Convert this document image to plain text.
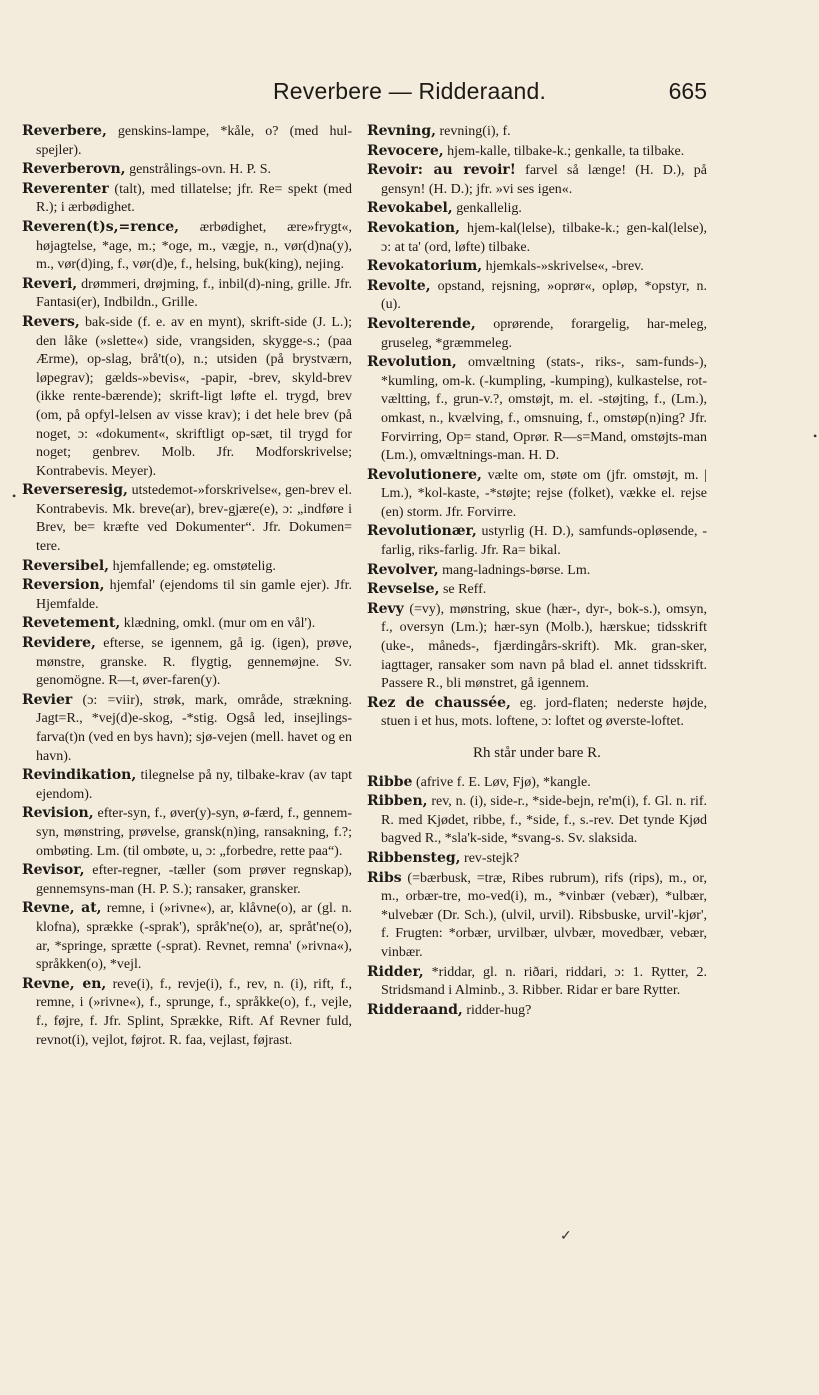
Reverbere — Ridderaand.	665

Reverbere, genskins-lampe, *kåle, o? (med hul-spejler).

Reverberovn, genstrålings-ovn. H. P. S.

Reverenter (talt), med tillatelse; jfr. Re= spekt (med R.); i ærbødighet.

Reveren(t)s,=rence, ærbødighet, ære»frygt«, højagtelse, *age, m.; *oge, m., vægje, n., vør(d)na(y), m., vør(d)ing, f., vør(d)e, f., helsing, buk(king), nejing.

Reveri, drømmeri, drøjming, f., inbil(d)-ning, grille. Jfr. Fantasi(er), Indbildn., Grille.

Revers, bak-side (f. e. av en mynt), skrift-side (J. L.); den låke (»slette«) side, vrangsiden, skygge-s.; (paa Ærme), op-slag, brå't(o), n.; utsiden (på brystværn, løpegrav); gælds-»bevis«, -papir, -brev, skyld-brev (ikke rente-bærende); skrift-ligt løfte el. trygd, brev (om, på opfyl-lelsen av visse krav); i det hele brev (på noget, ɔ: «dokument«, skriftligt op-sæt, til trygd for noget; genbrev. Molb. Jfr. Modforskrivelse; Kontrabevis. Meyer).

Reverseresig, utstedemot-»forskrivelse«, gen-brev el. Kontrabevis. Mk. breve(ar), brev-gjære(e), ɔ: „indføre i Brev, be= kræfte ved Dokumenter“. Jfr. Dokumen= tere.

Reversibel, hjemfallende; eg. omstøtelig.

Reversion, hjemfal' (ejendoms til sin gamle ejer). Jfr. Hjemfalde.

Revetement, klædning, omkl. (mur om en vål').

Revidere, efterse, se igennem, gå ig. (igen), prøve, mønstre, granske. R. flygtig, gennemøjne. Sv. genomögne. R—t, øver-faren(y).

Revier (ɔ: =viir), strøk, mark, område, strækning. Jagt=R., *vej(d)e-skog, -*stig. Også led, insejlings-farva(t)n (ved en bys havn); sjø-vejen (mell. havet og en havn).

Revindikation, tilegnelse på ny, tilbake-krav (av tapt ejendom).

Revision, efter-syn, f., øver(y)-syn, ø-færd, f., gennem-syn, mønstring, prøvelse, gransk(n)ing, ransakning, f.?; ombøting. Lm. (til ombøte, u, ɔ: „forbedre, rette paa“).

Revisor, efter-regner, -tæller (som prøver regnskap), gennemsyns-man (H. P. S.); ransaker, gransker.

Revne, at, remne, i (»rivne«), ar, klåvne(o), ar (gl. n. klofna), sprække (-sprak'), språk'ne(o), ar, språt'ne(o), ar, *springe, sprætte (-sprat). Revnet, remna' (»rivna«), språkken(o), *vejl.

Revne, en, reve(i), f., revje(i), f., rev, n. (i), rift, f., remne, i (»rivne«), f., sprunge, f., språkke(o), f., vejle, f., føjre, f. Jfr. Splint, Sprække, Rift. Af Revner fuld, revnot(i), vejlot, føjrot. R. faa, vejlast, føjrast.

Revning, revning(i), f.

Revocere, hjem-kalle, tilbake-k.; genkalle, ta tilbake.

Revoir: au revoir! farvel så længe! (H. D.), på gensyn! (H. D.); jfr. »vi ses igen«.

Revokabel, genkallelig.

Revokation, hjem-kal(lelse), tilbake-k.; gen-kal(lelse), ɔ: at ta' (ord, løfte) tilbake.

Revokatorium, hjemkals-»skrivelse«, -brev.

Revolte, opstand, rejsning, »oprør«, opløp, *opstyr, n. (u).

Revolterende, oprørende, forargelig, har-meleg, gruseleg, *græmmeleg.

Revolution, omvæltning (stats-, riks-, sam-funds-), *kumling, om-k. (-kumpling, -kumping), kulkastelse, rot-væltting, f., grun-v.?, omstøjt, m. el. -støjting, f., (Lm.), omkast, n., kvælving, f., omsnuing, f., omstøp(n)ing? Jfr. Forvirring, Op= stand, Oprør. R—s=Mand, omstøjts-man (Lm.), omvæltnings-man. H. D.

Revolutionere, vælte om, støte om (jfr. omstøjt, m. | Lm.), *kol-kaste, -*støjte; rejse (folket), vække el. rejse (en) storm. Jfr. Forvirre.

Revolutionær, ustyrlig (H. D.), samfunds-opløsende, -farlig, riks-farlig. Jfr. Ra= bikal.

Revolver, mang-ladnings-børse. Lm.

Revselse, se Reff.

Revy (=vy), mønstring, skue (hær-, dyr-, bok-s.), omsyn, f., oversyn (Lm.); hær-syn (Molb.), hærskue; tidsskrift (uke-, måneds-, fjærdingårs-skrift). Mk. gran-sker, iagttager, ransaker som navn på blad el. annet tidsskrift. Passere R., bli mønstret, gå igennem.

Rez de chaussée, eg. jord-flaten; nederste højde, stuen i et hus, mots. loftene, ɔ: loftet og øverste-loftet.

Rh står under bare R.

Ribbe (afrive f. E. Løv, Fjø), *kangle.

Ribben, rev, n. (i), side-r., *side-bejn, re'm(i), f. Gl. n. rif. R. med Kjødet, ribbe, f., *side, f., s.-rev. Det tynde Kjød bagved R., *sla'k-side, *svang-s. Sv. slaksida.

Ribbensteg, rev-stejk?

Ribs (=bærbusk, =træ, Ribes rubrum), rifs (rips), m., or, m., orbær-tre, mo-ved(i), m., *vinbær (vebær), *ulbær, *ulvebær (Dr. Sch.), (ulvil, urvil). Ribsbuske, urvil'-kjør', f. Frugten: *orbær, urvilbær, ulvbær, movedbær, vebær, vinbær.

Ridder, *riddar, gl. n. riðari, riddari, ɔ: 1. Rytter, 2. Stridsmand i Alminb., 3. Ribber. Ridar er bare Rytter.

Ridderaand, ridder-hug?

•
•
✓
